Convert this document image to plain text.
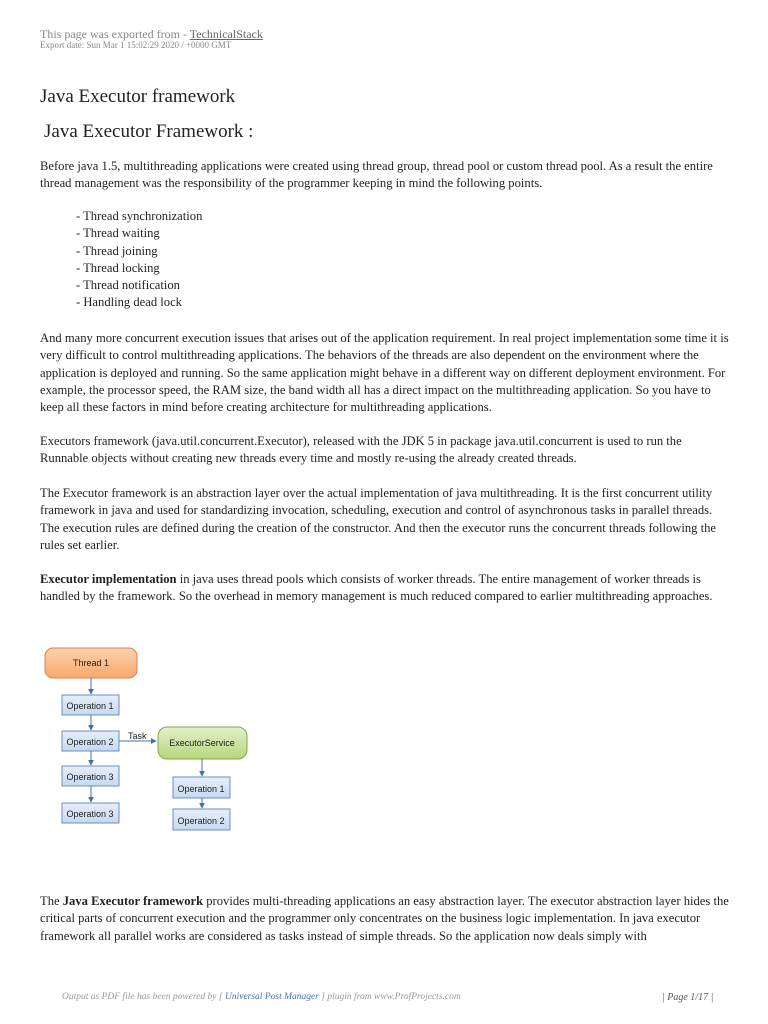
This page was exported from - TechnicalStack
Export date: Sun Mar 1 15:02:29 2020 / +0000 GMT
Java Executor framework
Java Executor Framework :

Before java 1.5, multithreading applications were created using thread group, thread pool or custom thread pool. As a result the entire thread management was the responsibility of the programmer keeping in mind the following points.

- Thread synchronization
- Thread waiting
- Thread joining
- Thread locking
- Thread notification
- Handling dead lock

And many more concurrent execution issues that arises out of the application requirement. In real project implementation some time it is very difficult to control multithreading applications. The behaviors of the threads are also dependent on the environment where the application is deployed and running. So the same application might behave in a different way on different deployment environment. For example, the processor speed, the RAM size, the band width all has a direct impact on the multithreading application. So you have to keep all these factors in mind before creating architecture for multithreading applications.

Executors framework (java.util.concurrent.Executor), released with the JDK 5 in package java.util.concurrent is used to run the Runnable objects without creating new threads every time and mostly re-using the already created threads.

The Executor framework is an abstraction layer over the actual implementation of java multithreading. It is the first concurrent utility framework in java and used for standardizing invocation, scheduling, execution and control of asynchronous tasks in parallel threads. The execution rules are defined during the creation of the constructor. And then the executor runs the concurrent threads following the rules set earlier.

Executor implementation in java uses thread pools which consists of worker threads. The entire management of worker threads is handled by the framework. So the overhead in memory management is much reduced compared to earlier multithreading approaches.

Thread 1
Operation 1
Operation 2
Task
ExecutorService
Operation 3
Operation 3
Operation 1
Operation 2

The Java Executor framework provides multi-threading applications an easy abstraction layer. The executor abstraction layer hides the critical parts of concurrent execution and the programmer only concentrates on the business logic implementation. In java executor framework all parallel works are considered as tasks instead of simple threads. So the application now deals simply with

Output as PDF file has been powered by [ Universal Post Manager ] plugin from www.ProfProjects.com	| Page 1/17 |
